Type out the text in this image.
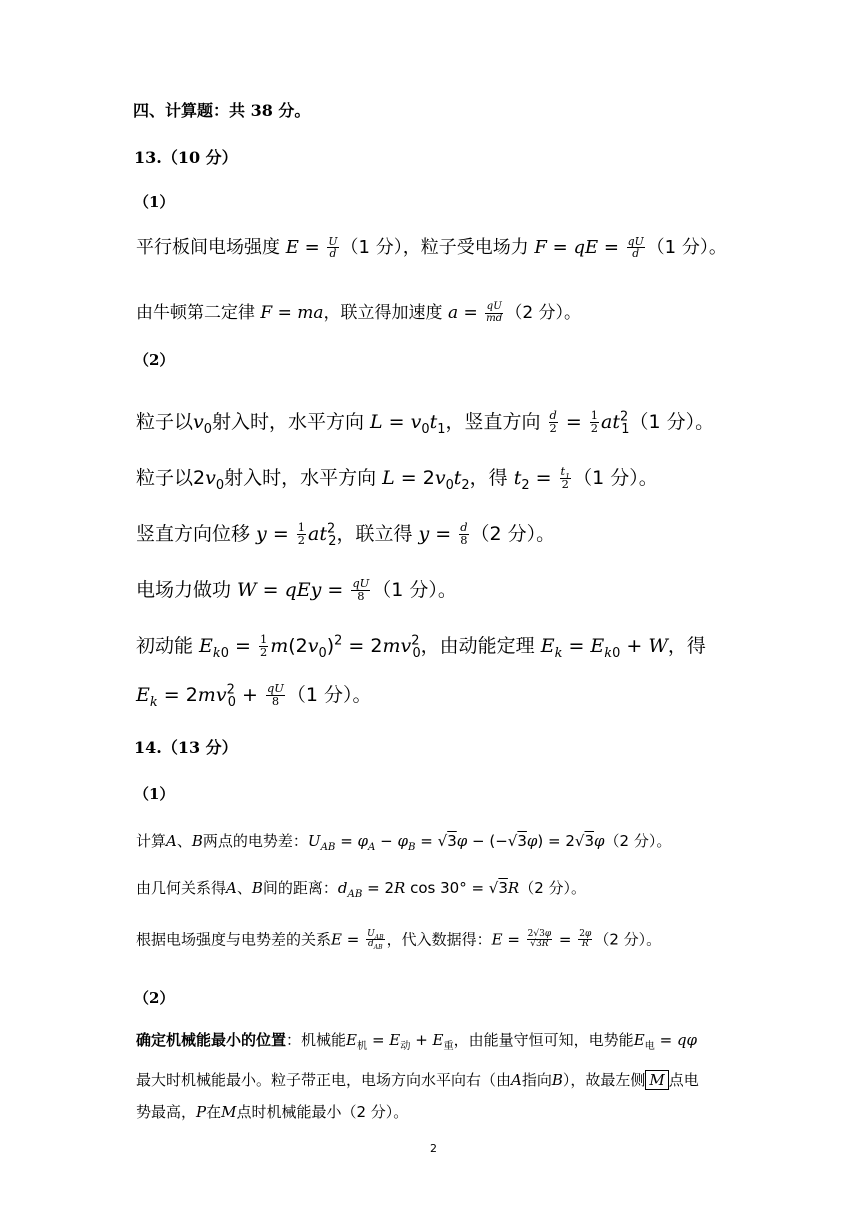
四、计算题：共 38 分。
13.（10 分）
（1）
平行板间电场强度 $E = \frac{U}{d} (1$ 分），粒子受电场力 F = qE = $\frac{qU}{d} (1$ 分）。
由牛顿第二定律 F = ma，联立得加速度 $a = \frac{qU}{md} (2$ 分）。
（2）
粒子以$v_0$射入时，水平方向 $L = v_0t_1$，竖直方向 $\frac{d}{2} = \frac{1}{2} at^2_1(1$ 分）。
粒子以$2v_0$射入时，水平方向 $L = 2v_0t_2$，得 $t_2 = \frac{t_1}{2} (1$ 分）。
竖直方向位移 $y = \frac{1}{2} at^2_2$，联立得 $y = \frac{d}{8} (2$ 分）。
电场力做功 W = qEy = $\frac{qU}{8} (1$ 分）。
初动能 $E_{k0} = \frac{1}{2} m(2v_0)^2 = 2mv^2_0$，由动能定理 $E_k = E_{k0} + W$，得
$E_k = 2mv^2_0 + \frac{qU}{8} (1$ 分）。
14.（13 分）
（1）
计算A、B两点的电势差：$U_{AB} = \varphi_A - \varphi_B = √3\varphi - (-√3\varphi) = 2√3\varphi(2$ 分）。
由几何关系得A、B间的距离：$d_{AB} = 2R$ cos 30° = √3R（2 分）。
根据电场强度与电势差的关系$E = \frac{U_{AB}}{d_{AB}}$ ，代入数据得：$E = \frac{2√3\varphi}{√3R} = \frac{2\varphi}{R} (2$ 分）。
（2）
确定机械能最小的位置：机械能$E_机 = E_动 + E_重$，由能量守恒可知，电势能$E_电 = q\varphi$
最大时机械能最小。粒子带正电，电场方向水平向右（由A指向B），故最左侧 M 点电
势最高，P在M点时机械能最小（2 分）。
2
